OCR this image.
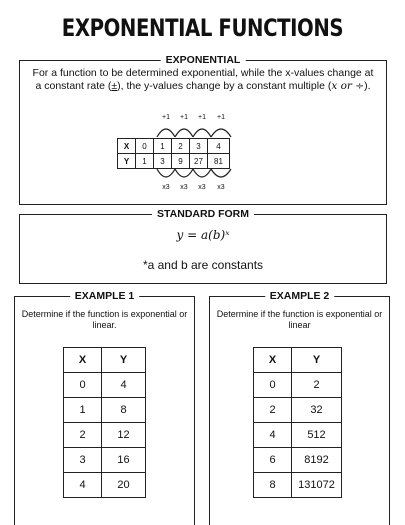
EXPONENTIAL FUNCTIONS
EXPONENTIAL
For a function to be determined exponential, while the x-values change at a constant rate (±), the y-values change by a constant multiple (x or ÷).
+1	+1	+1	+1
X	0	1	2	3	4
Y	1	3	9	27	81
x3	x3	x3	x3
STANDARD FORM
y = a(b)ˣ
*a and b are constants
EXAMPLE 1
Determine if the function is exponential or linear.
X	Y
0	4
1	8
2	12
3	16
4	20
EXAMPLE 2
Determine if the function is exponential or linear
X	Y
0	2
2	32
4	512
6	8192
8	131072
